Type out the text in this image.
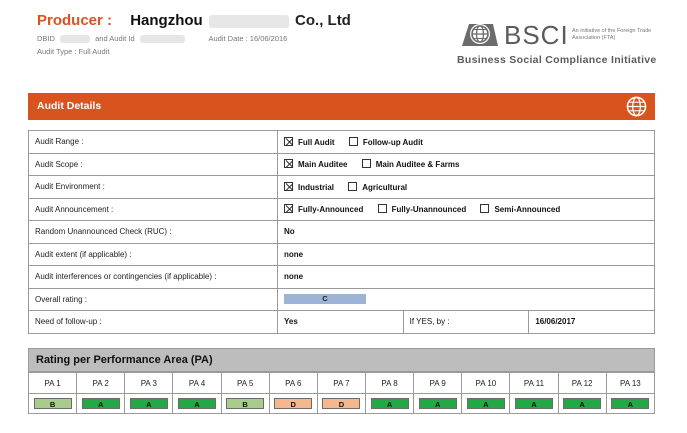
Producer : Hangzhou	Co., Ltd
DBID	and Audit Id	Audit Date : 16/06/2016
Audit Type : Full Audit
BSCI An initiative of the Foreign Trade Association (FTA)
Business Social Compliance Initiative
Audit Details
Audit Range :	Full Audit Follow-up Audit		
Audit Scope :	Main Auditee Main Auditee & Farms		
Audit Environment :	Industrial Agricultural		
Audit Announcement :	Fully-Announced Fully-Unannounced Semi-Announced		
Random Unannounced Check (RUC) :	No		
Audit extent (if applicable) :	none		
Audit interferences or contingencies (if applicable) :	none		
Overall rating :	C		
Need of follow-up :	Yes	If YES, by :	16/06/2017
Rating per Performance Area (PA)
PA 1	PA 2	PA 3	PA 4	PA 5	PA 6	PA 7	PA 8	PA 9	PA 10	PA 11	PA 12	PA 13
B	A	A	A	B	D	D	A	A	A	A	A	A
